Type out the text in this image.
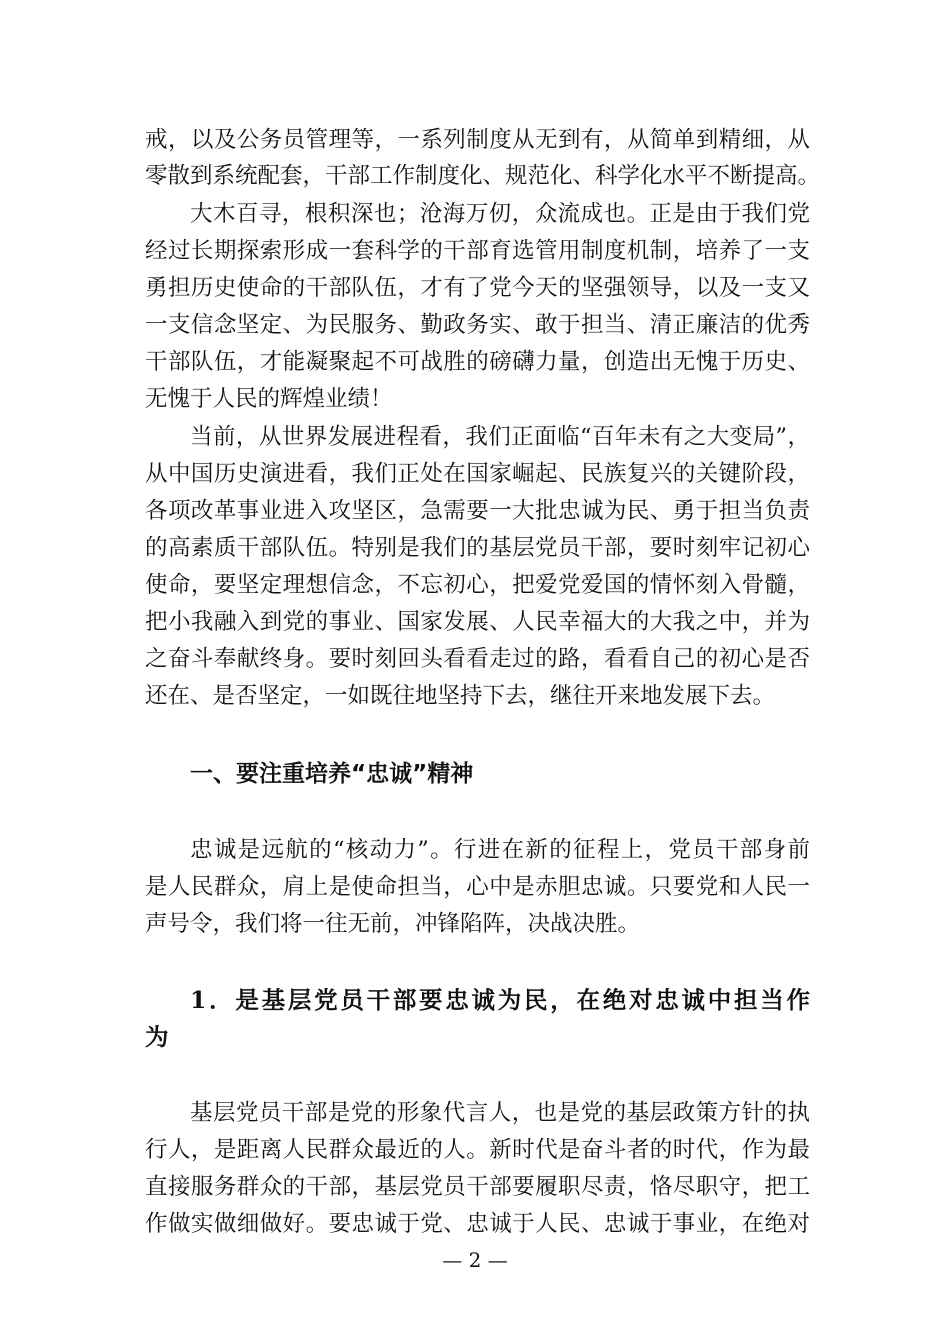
戒，以及公务员管理等，一系列制度从无到有，从简单到精细，从
零散到系统配套，干部工作制度化、规范化、科学化水平不断提高。
大木百寻，根积深也；沧海万仞，众流成也。正是由于我们党
经过长期探索形成一套科学的干部育选管用制度机制，培养了一支
勇担历史使命的干部队伍，才有了党今天的坚强领导，以及一支又
一支信念坚定、为民服务、勤政务实、敢于担当、清正廉洁的优秀
干部队伍，才能凝聚起不可战胜的磅礴力量，创造出无愧于历史、
无愧于人民的辉煌业绩！
当前，从世界发展进程看，我们正面临“百年未有之大变局”，
从中国历史演进看，我们正处在国家崛起、民族复兴的关键阶段，
各项改革事业进入攻坚区，急需要一大批忠诚为民、勇于担当负责
的高素质干部队伍。特别是我们的基层党员干部，要时刻牢记初心
使命，要坚定理想信念，不忘初心，把爱党爱国的情怀刻入骨髓，
把小我融入到党的事业、国家发展、人民幸福大的大我之中，并为
之奋斗奉献终身。要时刻回头看看走过的路，看看自己的初心是否
还在、是否坚定，一如既往地坚持下去，继往开来地发展下去。
一、要注重培养“忠诚”精神
忠诚是远航的“核动力”。行进在新的征程上，党员干部身前
是人民群众，肩上是使命担当，心中是赤胆忠诚。只要党和人民一
声号令，我们将一往无前，冲锋陷阵，决战决胜。
1．是基层党员干部要忠诚为民，在绝对忠诚中担当作
为
基层党员干部是党的形象代言人，也是党的基层政策方针的执
行人，是距离人民群众最近的人。新时代是奋斗者的时代，作为最
直接服务群众的干部，基层党员干部要履职尽责，恪尽职守，把工
作做实做细做好。要忠诚于党、忠诚于人民、忠诚于事业，在绝对
— 2 —
